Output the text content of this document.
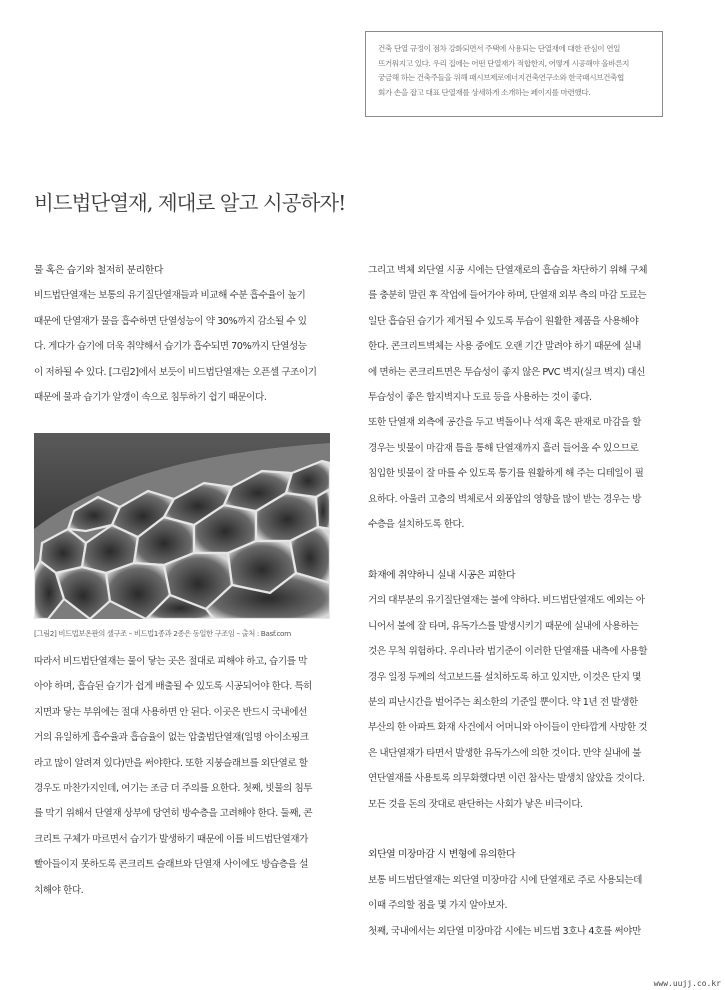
건축 단열 규정이 점차 강화되면서 주택에 사용되는 단열재에 대한 관심이 연일

뜨거워지고 있다. 우리 집에는 어떤 단열재가 적합한지, 어떻게 시공해야 올바른지

궁금해 하는 건축주들을 위해 패시브제로에너지건축연구소와 한국패시브건축협

회가 손을 잡고 대표 단열재를 상세하게 소개하는 페이지를 마련했다.

비드법단열재, 제대로 알고 시공하자!

물 혹은 습기와 철저히 분리한다

비드법단열재는 보통의 유기질단열재들과 비교해 수분 흡수율이 높기

때문에 단열재가 물을 흡수하면 단열성능이 약 30%까지 감소될 수 있

다. 게다가 습기에 더욱 취약해서 습기가 흡수되면 70%까지 단열성능

이 저하될 수 있다. [그림2]에서 보듯이 비드법단열재는 오픈셀 구조이기

때문에 물과 습기가 알갱이 속으로 침투하기 쉽기 때문이다.

[그림2] 비드법보온판의 셀구조 – 비드법1종과 2종은 동일한 구조임 – 출처 : Basf.com

따라서 비드법단열재는 물이 닿는 곳은 절대로 피해야 하고, 습기를 막

아야 하며, 흡습된 습기가 쉽게 배출될 수 있도록 시공되어야 한다. 특히

지면과 닿는 부위에는 절대 사용하면 안 된다. 이곳은 반드시 국내에선

거의 유일하게 흡수율과 흡습율이 없는 압출법단열재(일명 아이소핑크

라고 많이 알려져 있다)만을 써야한다. 또한 지붕슬래브를 외단열로 할

경우도 마찬가지인데, 여기는 조금 더 주의를 요한다. 첫째, 빗물의 침투

를 막기 위해서 단열재 상부에 당연히 방수층을 고려해야 한다. 둘째, 콘

크리트 구체가 마르면서 습기가 발생하기 때문에 이를 비드법단열재가

빨아들이지 못하도록 콘크리트 슬래브와 단열재 사이에도 방습층을 설

치해야 한다.

그리고 벽체 외단열 시공 시에는 단열재로의 흡습을 차단하기 위해 구체

를 충분히 말린 후 작업에 들어가야 하며, 단열재 외부 측의 마감 도료는

일단 흡습된 습기가 제거될 수 있도록 투습이 원활한 제품을 사용해야

한다. 콘크리트벽체는 사용 중에도 오랜 기간 말려야 하기 때문에 실내

에 면하는 콘크리트면은 투습성이 좋지 않은 PVC 벽지(실크 벽지) 대신

투습성이 좋은 합지벽지나 도료 등을 사용하는 것이 좋다.

또한 단열재 외측에 공간을 두고 벽돌이나 석재 혹은 판재로 마감을 할

경우는 빗물이 마감재 틈을 통해 단열재까지 흘러 들어올 수 있으므로

침입한 빗물이 잘 마를 수 있도록 통기를 원활하게 해 주는 디테일이 필

요하다. 아울러 고층의 벽체로서 외풍압의 영향을 많이 받는 경우는 방

수층을 설치하도록 한다.

화재에 취약하니 실내 시공은 피한다

거의 대부분의 유기질단열재는 불에 약하다. 비드법단열재도 예외는 아

니어서 불에 잘 타며, 유독가스를 발생시키기 때문에 실내에 사용하는

것은 무척 위험하다. 우리나라 법기준이 이러한 단열재를 내측에 사용할

경우 일정 두께의 석고보드를 설치하도록 하고 있지만, 이것은 단지 몇

분의 피난시간을 벌어주는 최소한의 기준일 뿐이다. 약 1년 전 발생한

부산의 한 아파트 화재 사건에서 어머니와 아이들이 안타깝게 사망한 것

은 내단열재가 타면서 발생한 유독가스에 의한 것이다. 만약 실내에 불

연단열재를 사용토록 의무화했다면 이런 참사는 발생치 않았을 것이다.

모든 것을 돈의 잣대로 판단하는 사회가 낳은 비극이다.

외단열 미장마감 시 변형에 유의한다

보통 비드법단열재는 외단열 미장마감 시에 단열재로 주로 사용되는데

이때 주의할 점을 몇 가지 알아보자.

첫째, 국내에서는 외단열 미장마감 시에는 비드법 3호나 4호를 써야만

www.uujj.co.kr
